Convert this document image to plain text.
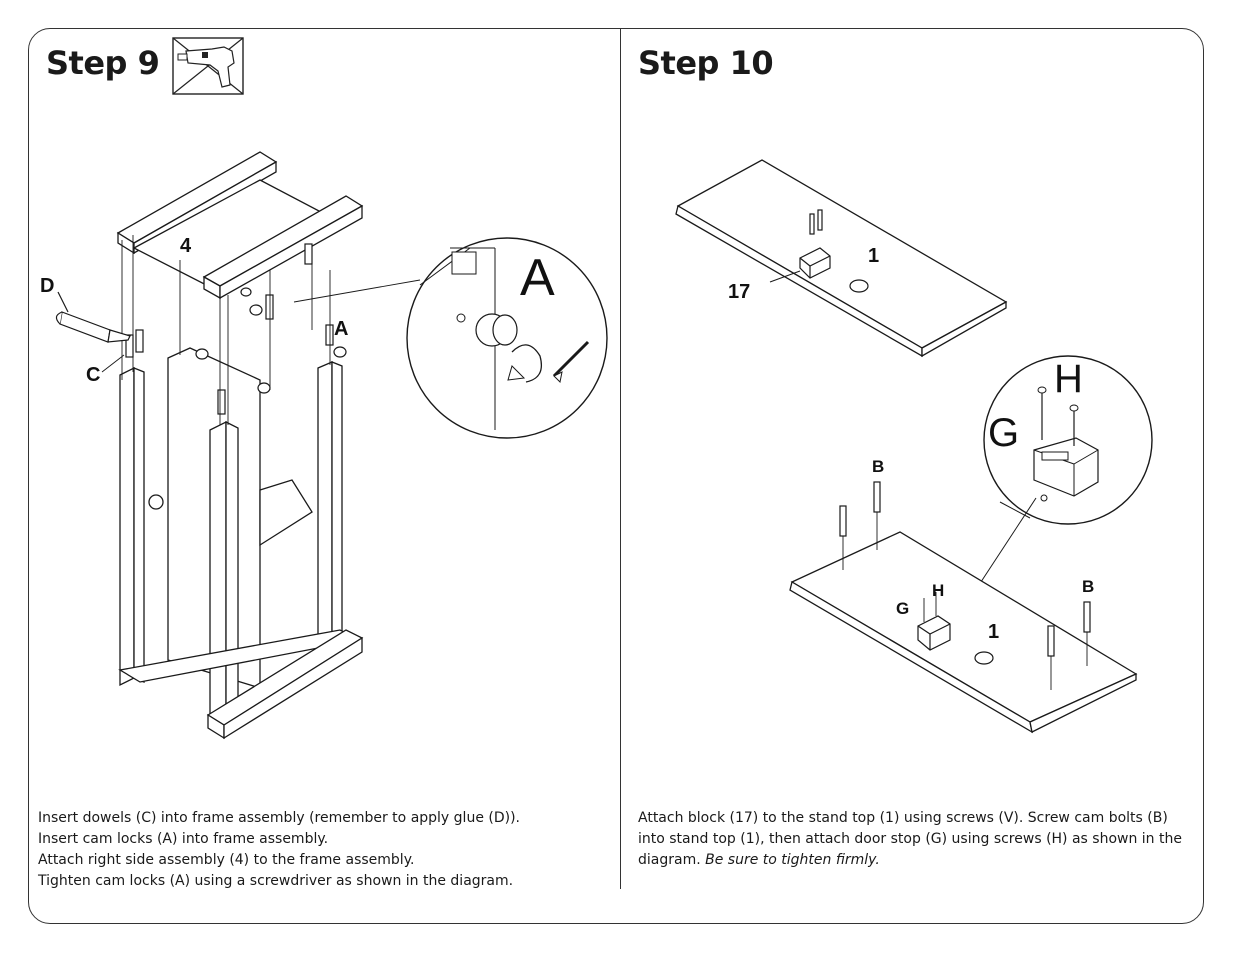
Step 9
4
D
C
A
A

Insert dowels (C) into frame assembly (remember to apply glue (D)).

Insert cam locks (A) into frame assembly.

Attach right side assembly (4) to the frame assembly.

Tighten cam locks (A) using a screwdriver as shown in the diagram.

Step 10
1
17
H
G
B
B
G
H
1

Attach block (17) to the stand top (1) using screws (V). Screw cam bolts (B) into stand top (1), then attach door stop (G) using screws (H) as shown in the diagram. Be sure to tighten firmly.
